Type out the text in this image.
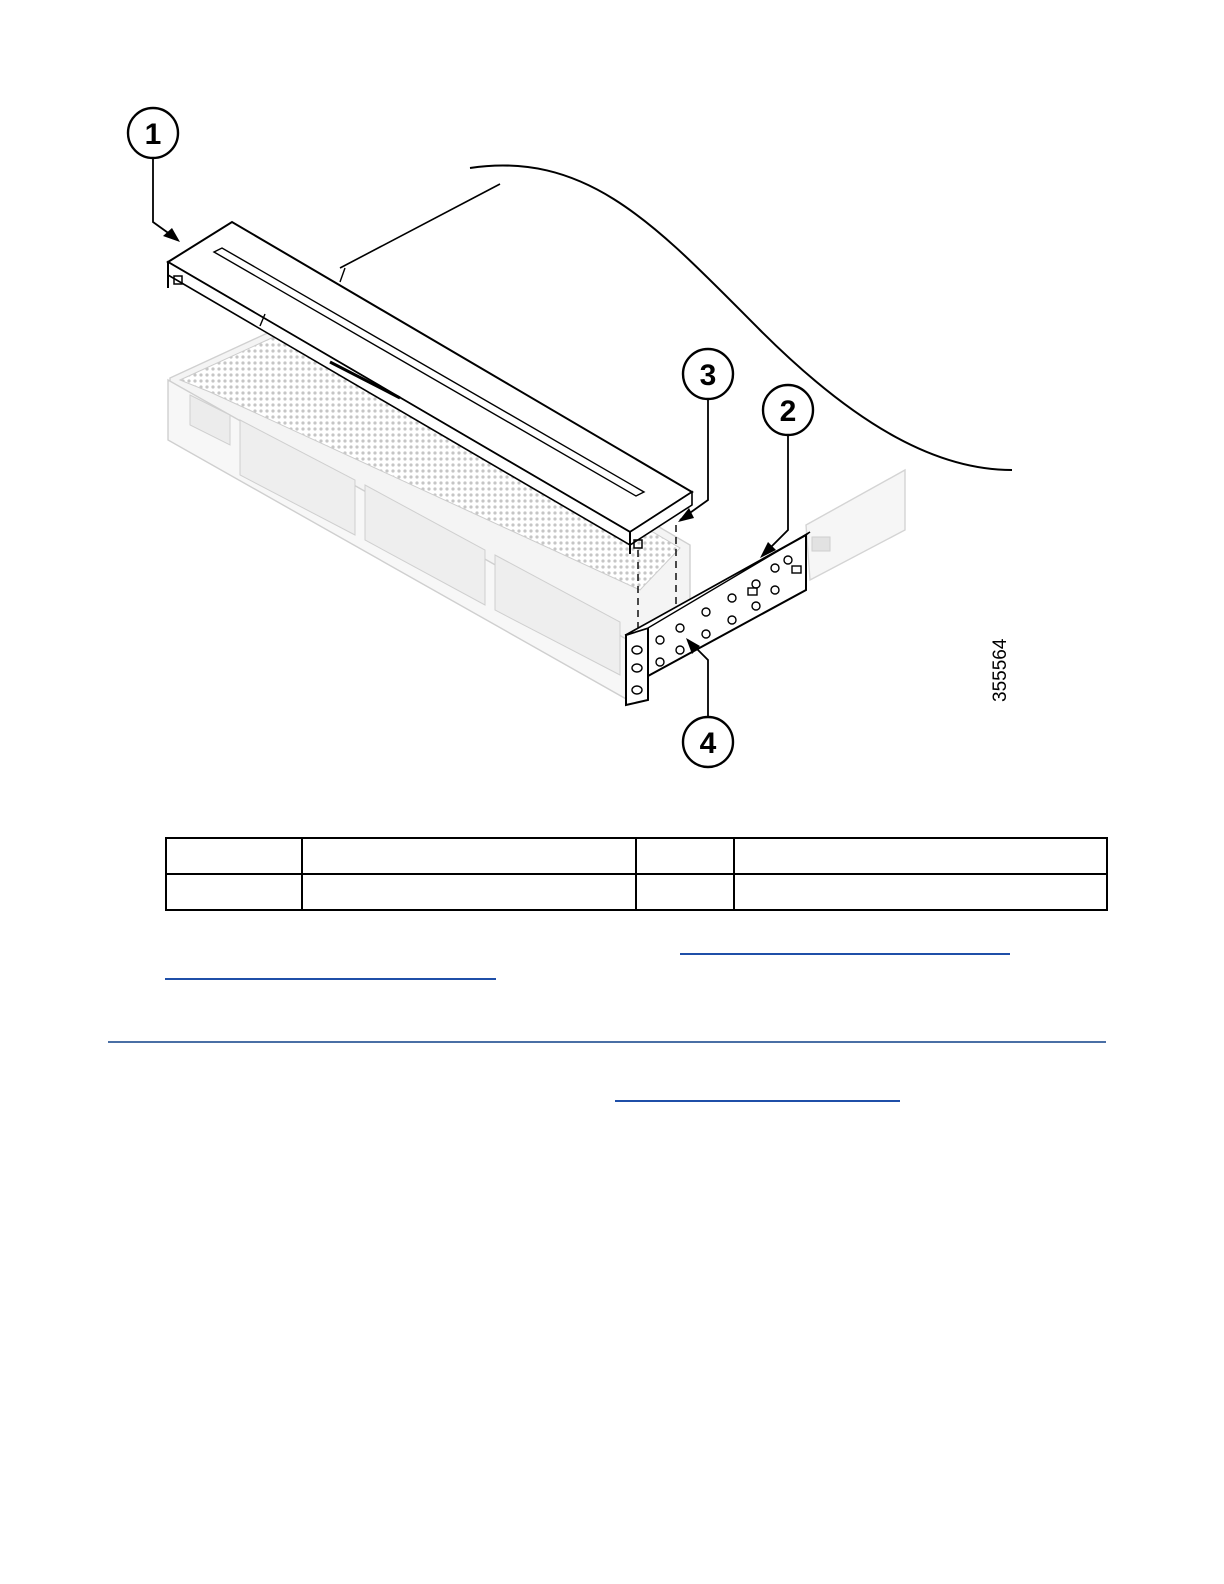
1
3
2
4
355564
